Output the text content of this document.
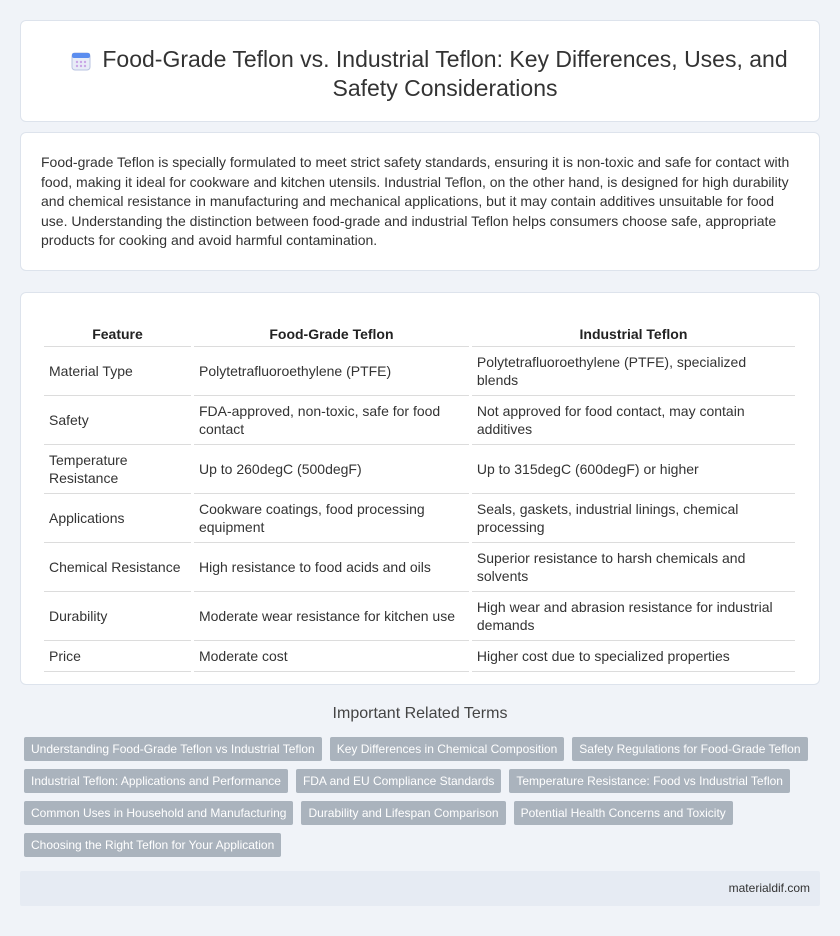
Food-Grade Teflon vs. Industrial Teflon: Key Differences, Uses, and Safety Considerations

Food-grade Teflon is specially formulated to meet strict safety standards, ensuring it is non-toxic and safe for contact with food, making it ideal for cookware and kitchen utensils. Industrial Teflon, on the other hand, is designed for high durability and chemical resistance in manufacturing and mechanical applications, but it may contain additives unsuitable for food use. Understanding the distinction between food-grade and industrial Teflon helps consumers choose safe, appropriate products for cooking and avoid harmful contamination.

Feature	Food-Grade Teflon	Industrial Teflon
Material Type	Polytetrafluoroethylene (PTFE)	Polytetrafluoroethylene (PTFE), specialized blends
Safety	FDA-approved, non-toxic, safe for food contact	Not approved for food contact, may contain additives
Temperature Resistance	Up to 260degC (500degF)	Up to 315degC (600degF) or higher
Applications	Cookware coatings, food processing equipment	Seals, gaskets, industrial linings, chemical processing
Chemical Resistance	High resistance to food acids and oils	Superior resistance to harsh chemicals and solvents
Durability	Moderate wear resistance for kitchen use	High wear and abrasion resistance for industrial demands
Price	Moderate cost	Higher cost due to specialized properties
Important Related Terms
Understanding Food-Grade Teflon vs Industrial Teflon	Key Differences in Chemical Composition	Safety Regulations for Food-Grade Teflon
Industrial Teflon: Applications and Performance	FDA and EU Compliance Standards	Temperature Resistance: Food vs Industrial Teflon
Common Uses in Household and Manufacturing	Durability and Lifespan Comparison	Potential Health Concerns and Toxicity
Choosing the Right Teflon for Your Application
materialdif.com
